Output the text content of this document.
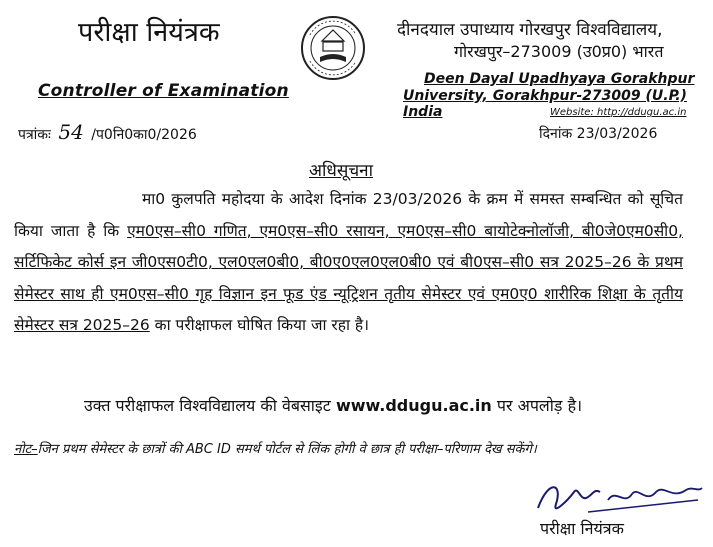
परीक्षा नियंत्रक
Controller of Examination
पत्रांकः 54 /प0नि0का0/2026
दीनदयाल उपाध्याय गोरखपुर विश्वविद्यालय,
गोरखपुर–273009 (उ0प्र0) भारत
Deen Dayal Upadhyaya Gorakhpur
University, Gorakhpur-273009 (U.P.) India	Website: http://ddugu.ac.in
दिनांक 23/03/2026
अधिसूचना
मा0 कुलपति महोदया के आदेश दिनांक 23/03/2026 के क्रम में समस्त सम्बन्धित को सूचित किया जाता है कि एम0एस–सी0 गणित, एम0एस–सी0 रसायन, एम0एस–सी0 बायोटेक्नोलॉजी, बी0जे0एम0सी0, सर्टिफिकेट कोर्स इन जी0एस0टी0, एल0एल0बी0, बी0ए0एल0एल0बी0 एवं बी0एस–सी0 सत्र 2025–26 के प्रथम सेमेस्टर साथ ही एम0एस–सी0 गृह विज्ञान इन फूड एंड न्यूट्रिशन तृतीय सेमेस्टर एवं एम0ए0 शारीरिक शिक्षा के तृतीय सेमेस्टर सत्र 2025–26 का परीक्षाफल घोषित किया जा रहा है।
उक्त परीक्षाफल विश्वविद्यालय की वेबसाइट www.ddugu.ac.in पर अपलोड़ है।
नोट–जिन प्रथम सेमेस्टर के छात्रों की ABC ID समर्थ पोर्टल से लिंक होगी वे छात्र ही परीक्षा–परिणाम देख सकेंगे।
परीक्षा नियंत्रक
